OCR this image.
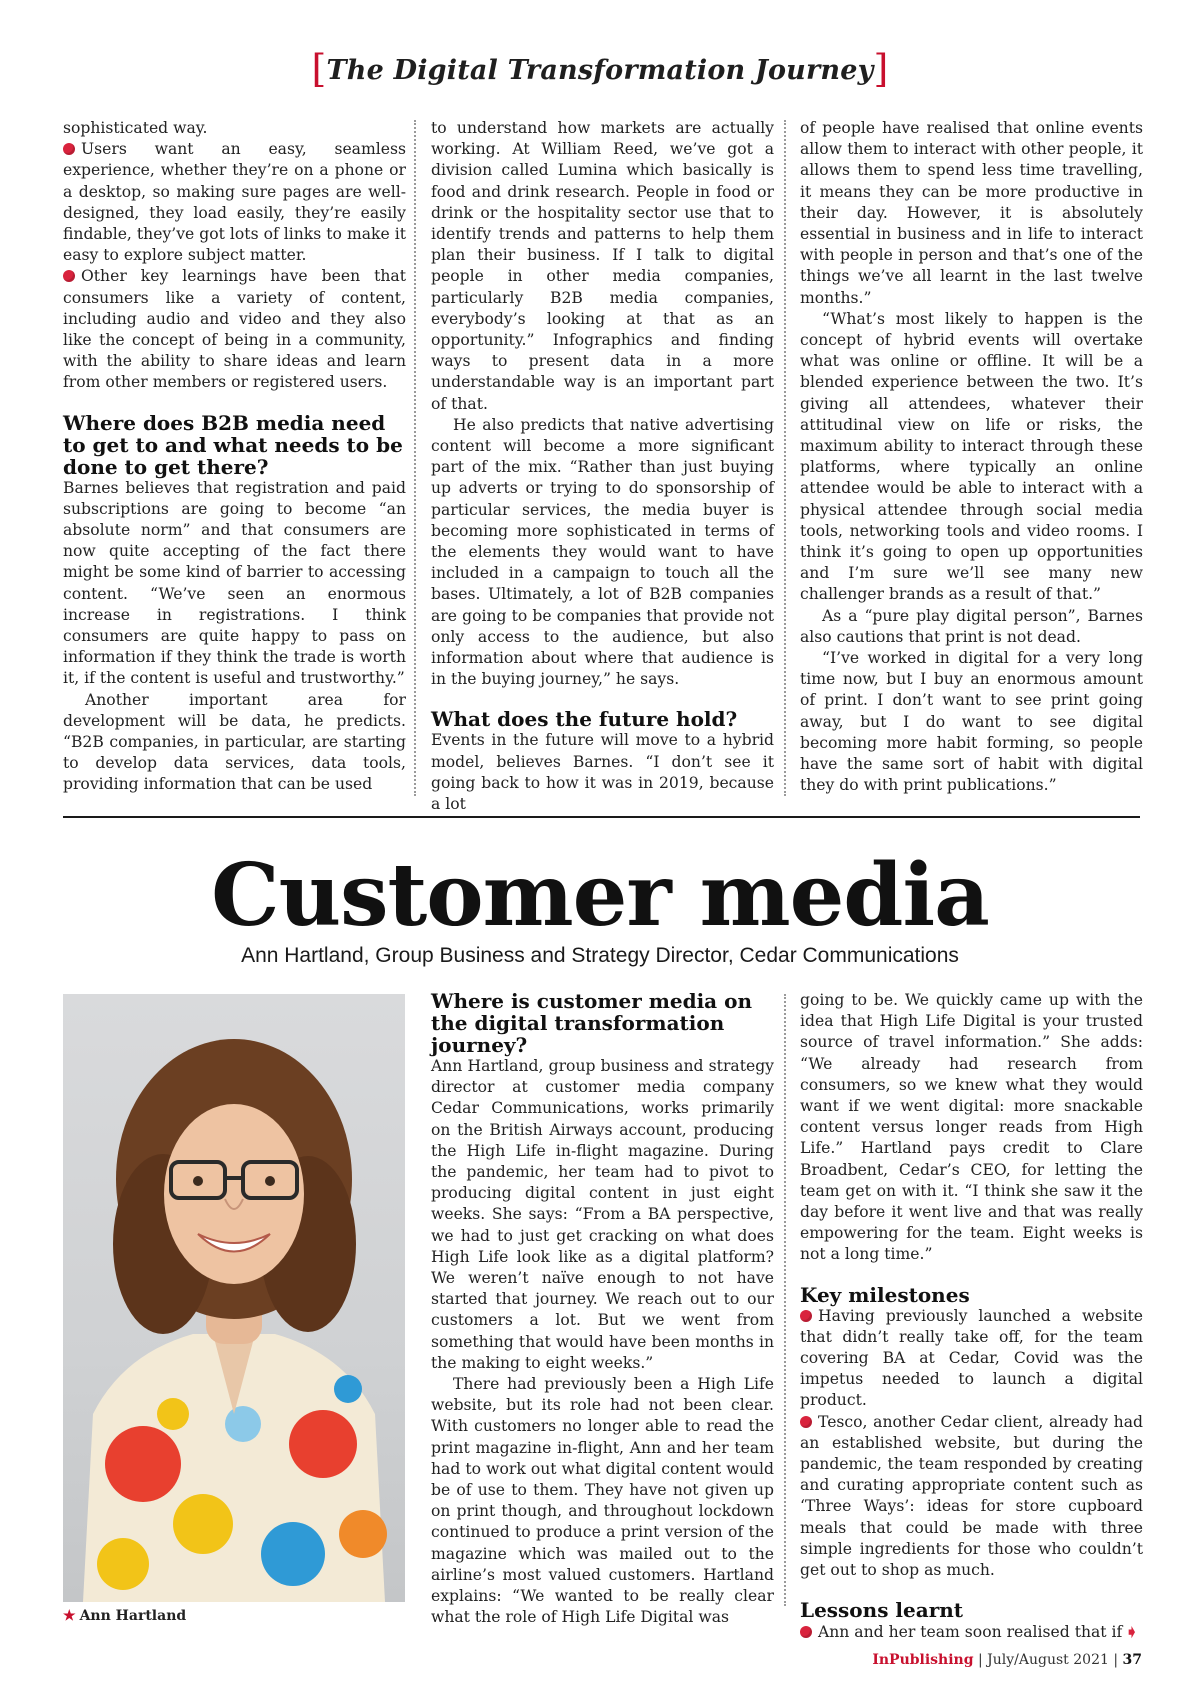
[The Digital Transformation Journey]

sophisticated way.

Users want an easy, seamless experience, whether they’re on a phone or a desktop, so making sure pages are well-designed, they load easily, they’re easily findable, they’ve got lots of links to make it easy to explore subject matter.

Other key learnings have been that consumers like a variety of content, including audio and video and they also like the concept of being in a community, with the ability to share ideas and learn from other members or registered users.

Where does B2B media need to get to and what needs to be done to get there?

Barnes believes that registration and paid subscriptions are going to become “an absolute norm” and that consumers are now quite accepting of the fact there might be some kind of barrier to accessing content. “We’ve seen an enormous increase in registrations. I think consumers are quite happy to pass on information if they think the trade is worth it, if the content is useful and trustworthy.”

Another important area for development will be data, he predicts. “B2B companies, in particular, are starting to develop data services, data tools, providing information that can be used

to understand how markets are actually working. At William Reed, we’ve got a division called Lumina which basically is food and drink research. People in food or drink or the hospitality sector use that to identify trends and patterns to help them plan their business. If I talk to digital people in other media companies, particularly B2B media companies, everybody’s looking at that as an opportunity.” Infographics and finding ways to present data in a more understandable way is an important part of that.

He also predicts that native advertising content will become a more significant part of the mix. “Rather than just buying up adverts or trying to do sponsorship of particular services, the media buyer is becoming more sophisticated in terms of the elements they would want to have included in a campaign to touch all the bases. Ultimately, a lot of B2B companies are going to be companies that provide not only access to the audience, but also information about where that audience is in the buying journey,” he says.

What does the future hold?

Events in the future will move to a hybrid model, believes Barnes. “I don’t see it going back to how it was in 2019, because a lot

of people have realised that online events allow them to interact with other people, it allows them to spend less time travelling, it means they can be more productive in their day. However, it is absolutely essential in business and in life to interact with people in person and that’s one of the things we’ve all learnt in the last twelve months.”

“What’s most likely to happen is the concept of hybrid events will overtake what was online or offline. It will be a blended experience between the two. It’s giving all attendees, whatever their attitudinal view on life or risks, the maximum ability to interact through these platforms, where typically an online attendee would be able to interact with a physical attendee through social media tools, networking tools and video rooms. I think it’s going to open up opportunities and I’m sure we’ll see many new challenger brands as a result of that.”

As a “pure play digital person”, Barnes also cautions that print is not dead.

“I’ve worked in digital for a very long time now, but I buy an enormous amount of print. I don’t want to see print going away, but I do want to see digital becoming more habit forming, so people have the same sort of habit with digital they do with print publications.”

Customer media
Ann Hartland, Group Business and Strategy Director, Cedar Communications
★ Ann Hartland
Where is customer media on the digital transformation journey?

Ann Hartland, group business and strategy director at customer media company Cedar Communications, works primarily on the British Airways account, producing the High Life in-flight magazine. During the pandemic, her team had to pivot to producing digital content in just eight weeks. She says: “From a BA perspective, we had to just get cracking on what does High Life look like as a digital platform? We weren’t naïve enough to not have started that journey. We reach out to our customers a lot. But we went from something that would have been months in the making to eight weeks.”

There had previously been a High Life website, but its role had not been clear. With customers no longer able to read the print magazine in-flight, Ann and her team had to work out what digital content would be of use to them. They have not given up on print though, and throughout lockdown continued to produce a print version of the magazine which was mailed out to the airline’s most valued customers. Hartland explains: “We wanted to be really clear what the role of High Life Digital was

going to be. We quickly came up with the idea that High Life Digital is your trusted source of travel information.” She adds: “We already had research from consumers, so we knew what they would want if we went digital: more snackable content versus longer reads from High Life.” Hartland pays credit to Clare Broadbent, Cedar’s CEO, for letting the team get on with it. “I think she saw it the day before it went live and that was really empowering for the team. Eight weeks is not a long time.”

Key milestones

Having previously launched a website that didn’t really take off, for the team covering BA at Cedar, Covid was the impetus needed to launch a digital product.

Tesco, another Cedar client, already had an established website, but during the pandemic, the team responded by creating and curating appropriate content such as ‘Three Ways’: ideas for store cupboard meals that could be made with three simple ingredients for those who couldn’t get out to shop as much.

Lessons learnt

Ann and her team soon realised that if ➧

InPublishing | July/August 2021 | 37
